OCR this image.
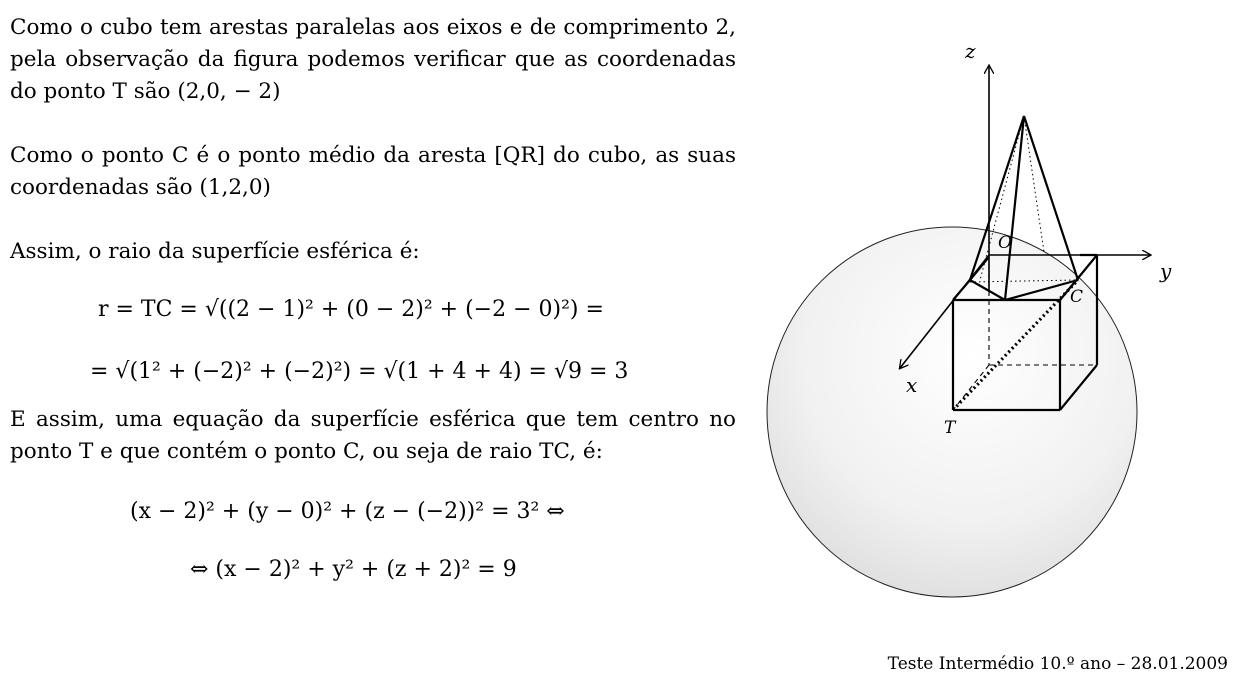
Como o cubo tem arestas paralelas aos eixos e de comprimento 2, pela observação da figura podemos verificar que as coordenadas do ponto T são (2,0, − 2)

Como o ponto C é o ponto médio da aresta [QR] do cubo, as suas coordenadas são (1,2,0)

Assim, o raio da superfície esférica é:

r = TC = √((2 − 1)² + (0 − 2)² + (−2 − 0)²) =
= √(1² + (−2)² + (−2)²) = √(1 + 4 + 4) = √9 = 3

E assim, uma equação da superfície esférica que tem centro no ponto T e que contém o ponto C, ou seja de raio TC, é:

(x − 2)² + (y − 0)² + (z − (−2))² = 3² ⇔
⇔ (x − 2)² + y² + (z + 2)² = 9
O
C
T
z
y
x
Teste Intermédio 10.º ano – 28.01.2009
